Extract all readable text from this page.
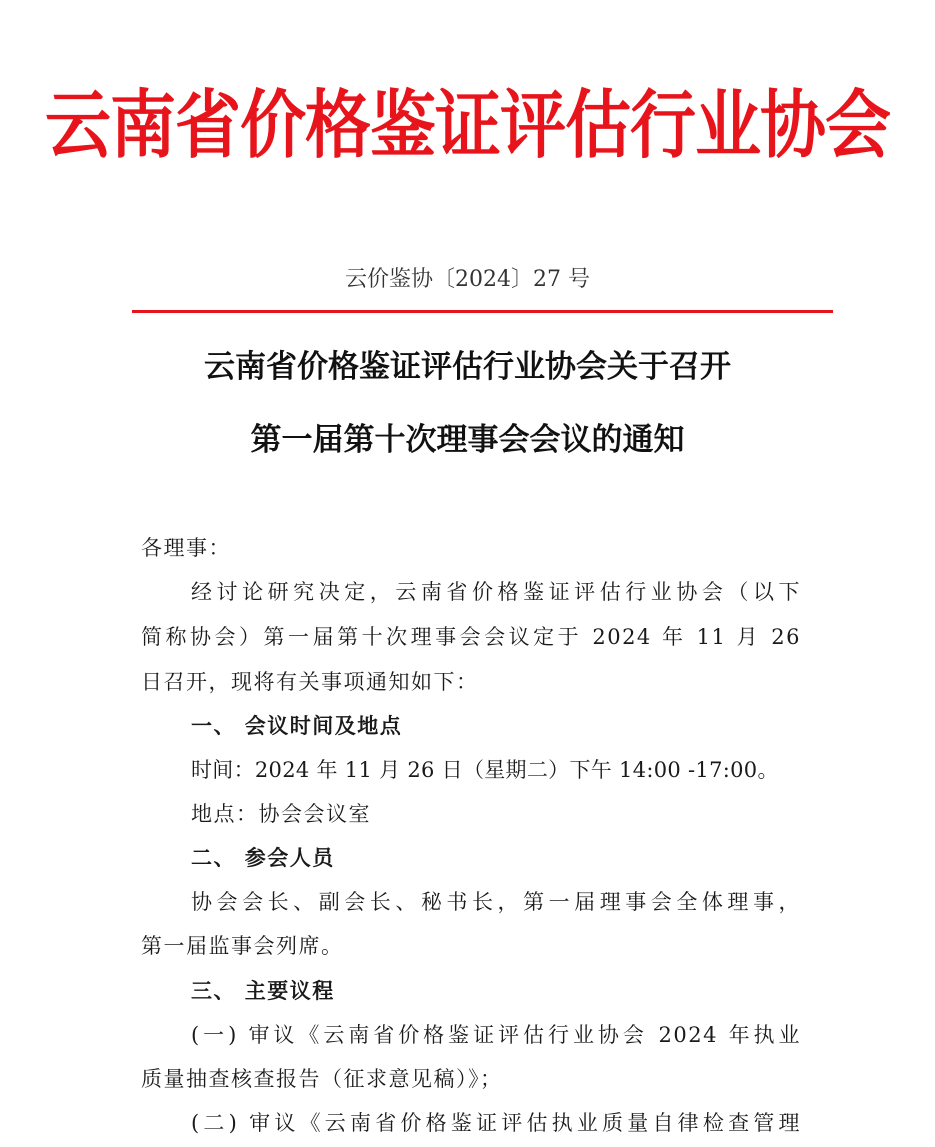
云南省价格鉴证评估行业协会
云价鉴协〔2024〕27 号
云南省价格鉴证评估行业协会关于召开
第一届第十次理事会会议的通知
各理事：
经讨论研究决定，云南省价格鉴证评估行业协会（以下
简称协会）第一届第十次理事会会议定于 2024 年 11 月 26
日召开，现将有关事项通知如下：
一、 会议时间及地点
时间：2024 年 11 月 26 日（星期二）下午 14:00 -17:00。
地点：协会会议室
二、 参会人员
协会会长、副会长、秘书长，第一届理事会全体理事，
第一届监事会列席。
三、 主要议程
(一) 审议《云南省价格鉴证评估行业协会 2024 年执业
质量抽查核查报告（征求意见稿）》；
(二) 审议《云南省价格鉴证评估执业质量自律检查管理
